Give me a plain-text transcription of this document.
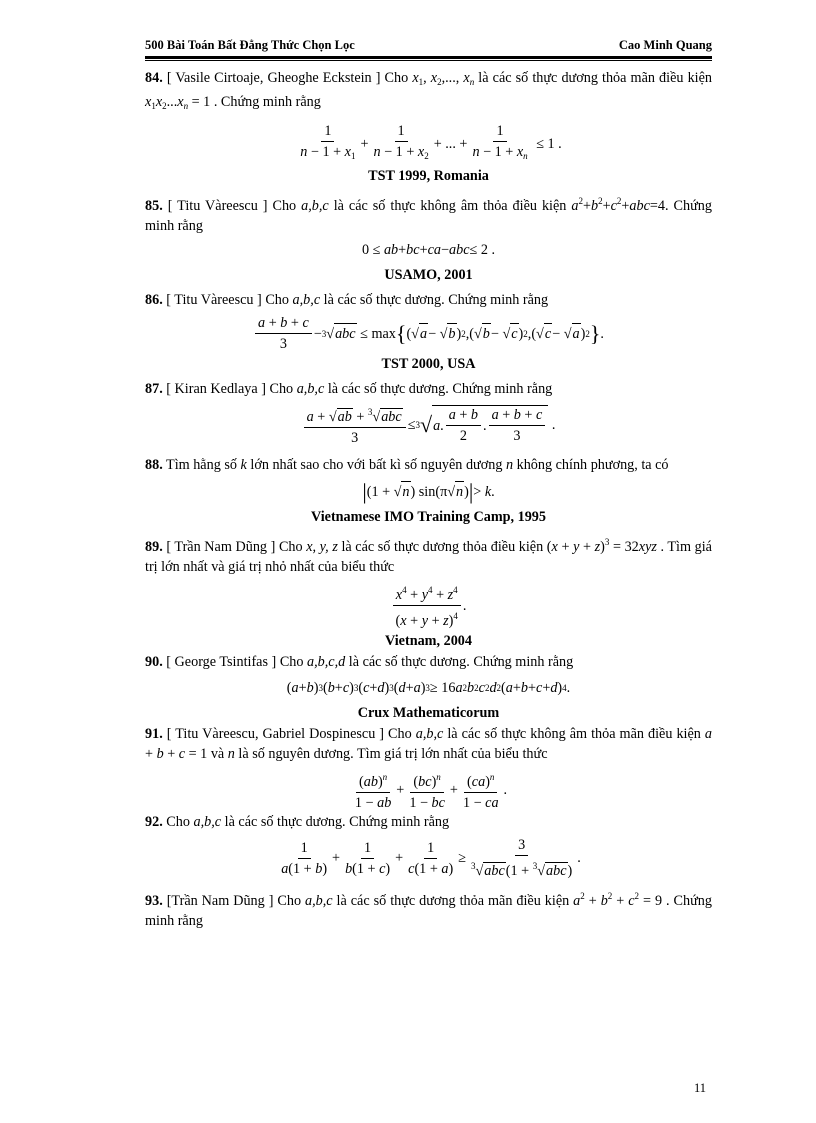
500 Bài Toán Bất Đẳng Thức Chọn Lọc	Cao Minh Quang

84. [ Vasile Cirtoaje, Gheoghe Eckstein ] Cho $x_1$, $x_2$,..., $x_n$ là các số thực dương thỏa mãn điều kiện $x_1x_2...x_n = 1$ . Chứng minh rằng

$\frac{1}{n - 1 + x_1} + \frac{1}{n - 1 + x_2}$ + ... + $\frac{1}{n - 1 + x_n} \le 1$ .
TST 1999, Romania

85. [ Titu Vàreescu ] Cho a,b,c là các số thực không âm thỏa điều kiện $a^2+b^2+c^2+abc=4$. Chứng minh rằng

0 ≤ ab + bc + ca − abc ≤ 2 .
USAMO, 2001

86. [ Titu Vàreescu ] Cho a,b,c là các số thực dương. Chứng minh rằng

$\frac{a + b + c}{3} - 3$ √ abc ≤ max { (√ a − √ b ) 2 ,(√ b − √ c ) 2 ,(√ c − √ a ) 2 } .
TST 2000, USA

87. [ Kiran Kedlaya ] Cho a,b,c là các số thực dương. Chứng minh rằng

$\frac{a + √ab + ^3√abc}{3} \le 3$ √ a . $\frac{a + b}{2}$ . $\frac{a + b + c}{3}$ .

88. Tìm hằng số k lớn nhất sao cho với bất kì số nguyên dương n không chính phương, ta có

| (1 + √ n ) sin(π√ n ) | > k .
Vietnamese IMO Training Camp, 1995

89. [ Trần Nam Dũng ] Cho x, y, z là các số thực dương thỏa điều kiện $(x + y + z)^3 = 32xyz$ . Tìm giá trị lớn nhất và giá trị nhỏ nhất của biểu thức

$\frac{x^4 + y^4 + z^4}{(x + y + z)^4}$ .
Vietnam, 2004

90. [ George Tsintifas ] Cho a,b,c,d là các số thực dương. Chứng minh rằng

( a + b ) 3 ( b + c ) 3 ( c + d ) 3 ( d + a ) 3 ≥ 16 a 2 b 2 c 2 d 2 ( a + b + c + d ) 4 .
Crux Mathematicorum

91. [ Titu Vàreescu, Gabriel Dospinescu ] Cho a,b,c là các số thực không âm thỏa mãn điều kiện a + b + c = 1 và n là số nguyên dương. Tìm giá trị lớn nhất của biểu thức

$\frac{(ab)^n}{1 - ab} + \frac{(bc)^n}{1 - bc} + \frac{(ca)^n}{1 - ca}$ .

92. Cho a,b,c là các số thực dương. Chứng minh rằng

$\frac{1}{a(1 + b)} + \frac{1}{b(1 + c)} + \frac{1}{c(1 + a)} \ge \frac{3}{^3√abc(1 + ^3√abc)}$ .

93. [Trần Nam Dũng ] Cho a,b,c là các số thực dương thỏa mãn điều kiện $a^2 + b^2 + c^2 = 9$ . Chứng minh rằng

11
